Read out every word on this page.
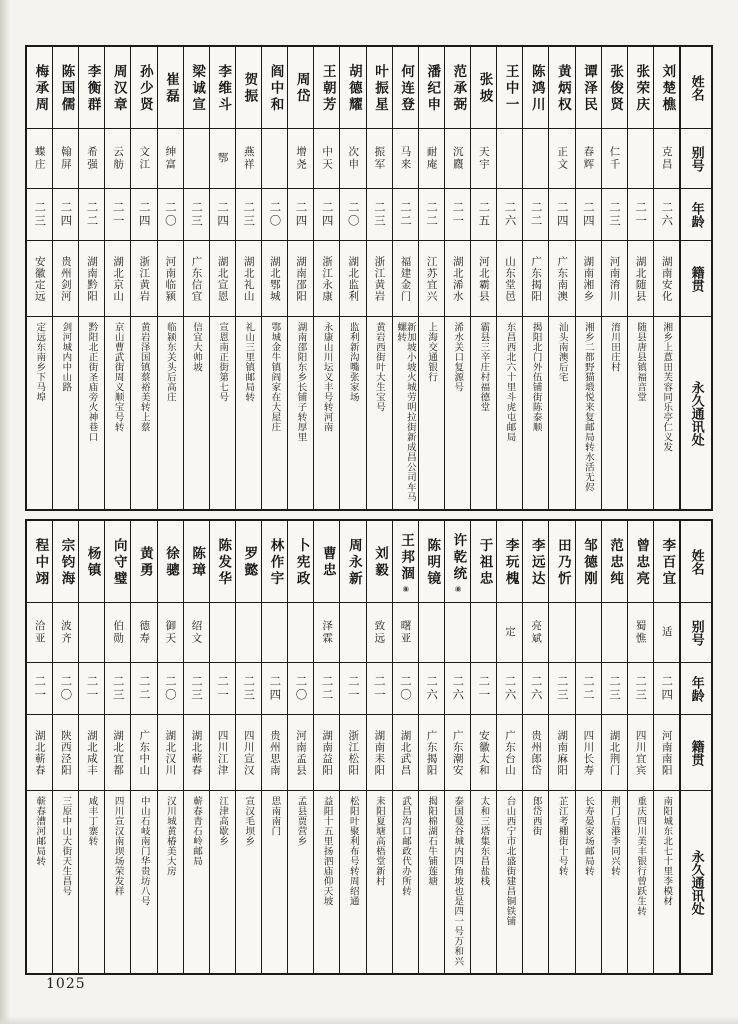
姓名
别号
年龄
籍贯
永久通讯处
刘楚樵
克昌
二六
湖南安化
湘乡上蒠田芙容同乐亭仁义发
张荣庆
二一
湖北随县
随县唐县镇福音堂
张俊贤
仁千
二三
河南淯川
淯川田庄村
谭泽民
春辉
二四
湖南湘乡
湘乡二都野猫塅悦来复邮局转水活无侭
黄炳权
正文
二四
广东南澳
汕头南澳后宅
陈鸿川
二二
广东揭阳
揭阳北门外伍铺街陈泰顺
王中一
二六
山东堂邑
东昌西北六十里斗虎屯邮局
张坡
天宇
二五
河北霸县
霸县三辛庄村福德堂
范承弼
沉麚
二一
湖北浠水
浠水关口复源号
潘纪申
耐庵
二二
江苏宜兴
上海交通银行
何连登
马来
二二
福建金门
新加坡小坡火城劳明拉街新成昌公司车马螺转
叶振星
振军
二三
浙江黄岩
黄岩西街叶大生宝号
胡德耀
次申
二〇
湖北监利
监利新沟嘴张家场
王朝芳
中天
二四
浙江永康
永康山川坛义丰号转河南
周岱
增尧
二四
湖南邵阳
湖南邵阳东乡长铺子转厚里
阎中和
二〇
湖北鄂城
鄂城金牛镇阎家在大屋庄
贺振
燕祥
二三
湖北礼山
礼山三里镇邮局转
李维斗
鄂
二四
湖北宣恩
宣恩南正街第七号
梁诚宣
二三
广东信宜
信宜大帅坡
崔磊
绅富
二〇
河南临颍
临颍东关头后高庄
孙少贤
文江
二四
浙江黄岩
黄岩泽国镇蔡裕美转上蔡
周汉章
云舫
二一
湖北京山
京山曹武街周义顺宝号转
李衡群
希强
二二
湖南黔阳
黔阳北正街圣庙旁火神巷口
陈国儒
翰屏
二四
贵州剑河
剑河城内中山路
梅承周
蝶庄
二三
安徽定远
定远东南乡下马埠
姓名
别号
年龄
籍贯
永久通讯处
李百宜
适
二四
河南南阳
南阳城东北七十里李模材
曾忠亮
蜀憔
二三
四川宜宾
重庆四川美丰银行曾跃生转
范忠纯
二三
湖北荆门
荆门后港李同兴转
邹德刚
二二
四川长寿
长寿晏家场邮局转
田乃忻
二三
湖南麻阳
芷江考棚街十号转
李远达
亮斌
二六
贵州郎岱
郎岱西街
李玩槐
定
二六
广东台山
台山西宁市北盛街建昌铜铁铺
于祖忠
二一
安徽太和
太和三塔集东昌盐栈
许乾统
⑧
二六
广东潮安
泰国曼谷城内四角坡也是四一号万和兴
陈明镜
二六
广东揭阳
揭阳棉湖石牛铺莲塘
王邦涸
⑧
曙亚
二〇
湖北武昌
武昌沟口邮政代办所转
刘毅
致远
二一
湖南耒阳
耒阳夏塘高梧堂新村
周永新
二一
浙江松阳
松阳叶聚利布号转周绍通
曹忠
泽霖
二二
湖南益阳
益阳十五里扬泗庙仰天坡
卜宪政
二〇
河南孟县
孟县贾营乡
林作宇
二四
贵州思南
思南南门
罗懿
二三
四川宣汉
宣汉毛坝乡
陈发华
二一
四川江津
江津高歇乡
陈璋
绍文
二三
湖北蕲春
蕲春青石岭邮局
徐骢
御天
二〇
湖北汉川
汉川城黄椿美大房
黄勇
德寿
二二
广东中山
中山石岐南门华贵坊八号
向守璧
伯勋
二三
湖北宜都
四川宣汉南坝场荣发样
杨镇
二一
湖北咸丰
咸丰丁寨转
宗钧海
波齐
二〇
陕西泾阳
三原中山大街天生昌号
程中翊
洽亚
二一
湖北蕲春
蕲春漕河邮局转
1025
